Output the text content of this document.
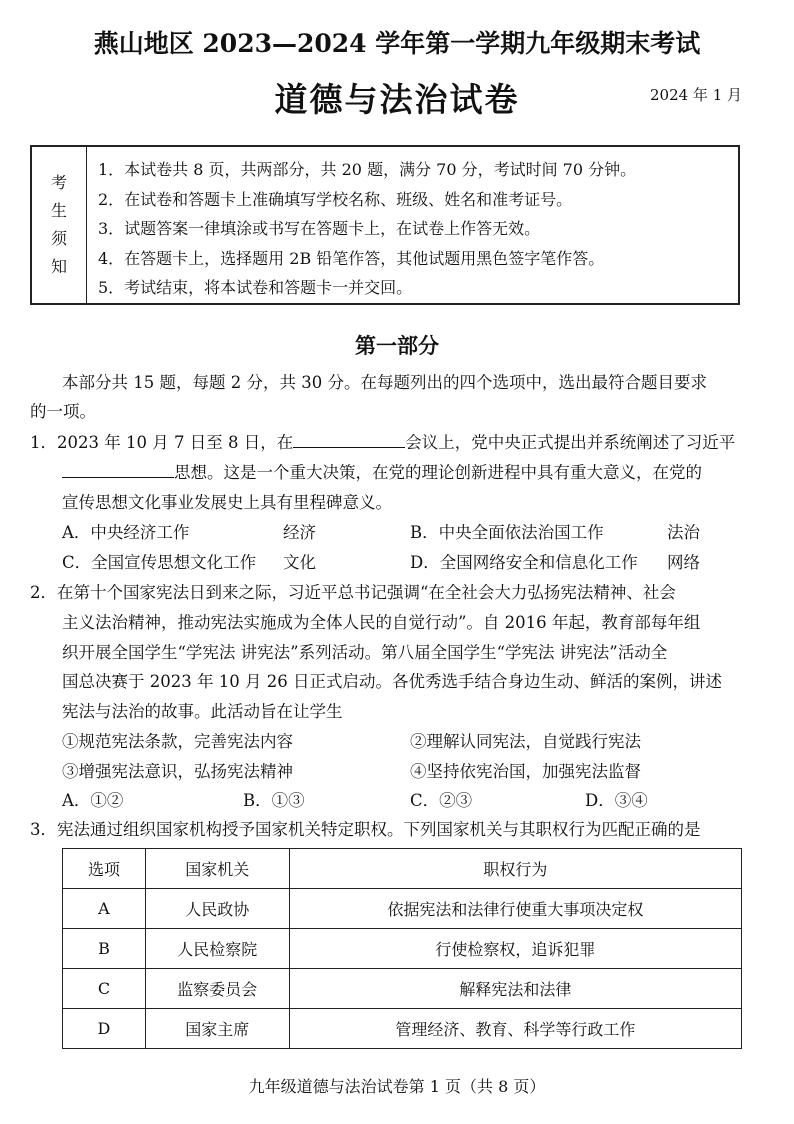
燕山地区 2023—2024 学年第一学期九年级期末考试
道德与法治试卷	2024 年 1 月
考
生
须
知
1．本试卷共 8 页，共两部分，共 20 题，满分 70 分，考试时间 70 分钟。
2．在试卷和答题卡上准确填写学校名称、班级、姓名和准考证号。
3．试题答案一律填涂或书写在答题卡上，在试卷上作答无效。
4．在答题卡上，选择题用 2B 铅笔作答，其他试题用黑色签字笔作答。
5．考试结束，将本试卷和答题卡一并交回。
第一部分
本部分共 15 题，每题 2 分，共 30 分。在每题列出的四个选项中，选出最符合题目要求
的一项。
1．2023 年 10 月 7 日至 8 日，在	会议上，党中央正式提出并系统阐述了习近平
思想。这是一个重大决策，在党的理论创新进程中具有重大意义，在党的
宣传思想文化事业发展史上具有里程碑意义。
A．中央经济工作	经济	B．中央全面依法治国工作	法治
C．全国宣传思想文化工作 文化	D．全国网络安全和信息化工作 网络
2．在第十个国家宪法日到来之际，习近平总书记强调“在全社会大力弘扬宪法精神、社会
主义法治精神，推动宪法实施成为全体人民的自觉行动”。自 2016 年起，教育部每年组
织开展全国学生“学宪法 讲宪法”系列活动。第八届全国学生“学宪法 讲宪法”活动全
国总决赛于 2023 年 10 月 26 日正式启动。各优秀选手结合身边生动、鲜活的案例，讲述
宪法与法治的故事。此活动旨在让学生
①规范宪法条款，完善宪法内容	②理解认同宪法，自觉践行宪法
③增强宪法意识，弘扬宪法精神	④坚持依宪治国，加强宪法监督
A．①②	B．①③	C．②③	D．③④
3．宪法通过组织国家机构授予国家机关特定职权。下列国家机关与其职权行为匹配正确的是
选项	国家机关	职权行为
A	人民政协	依据宪法和法律行使重大事项决定权
B	人民检察院	行使检察权，追诉犯罪
C	监察委员会	解释宪法和法律
D	国家主席	管理经济、教育、科学等行政工作
九年级道德与法治试卷第 1 页（共 8 页）
